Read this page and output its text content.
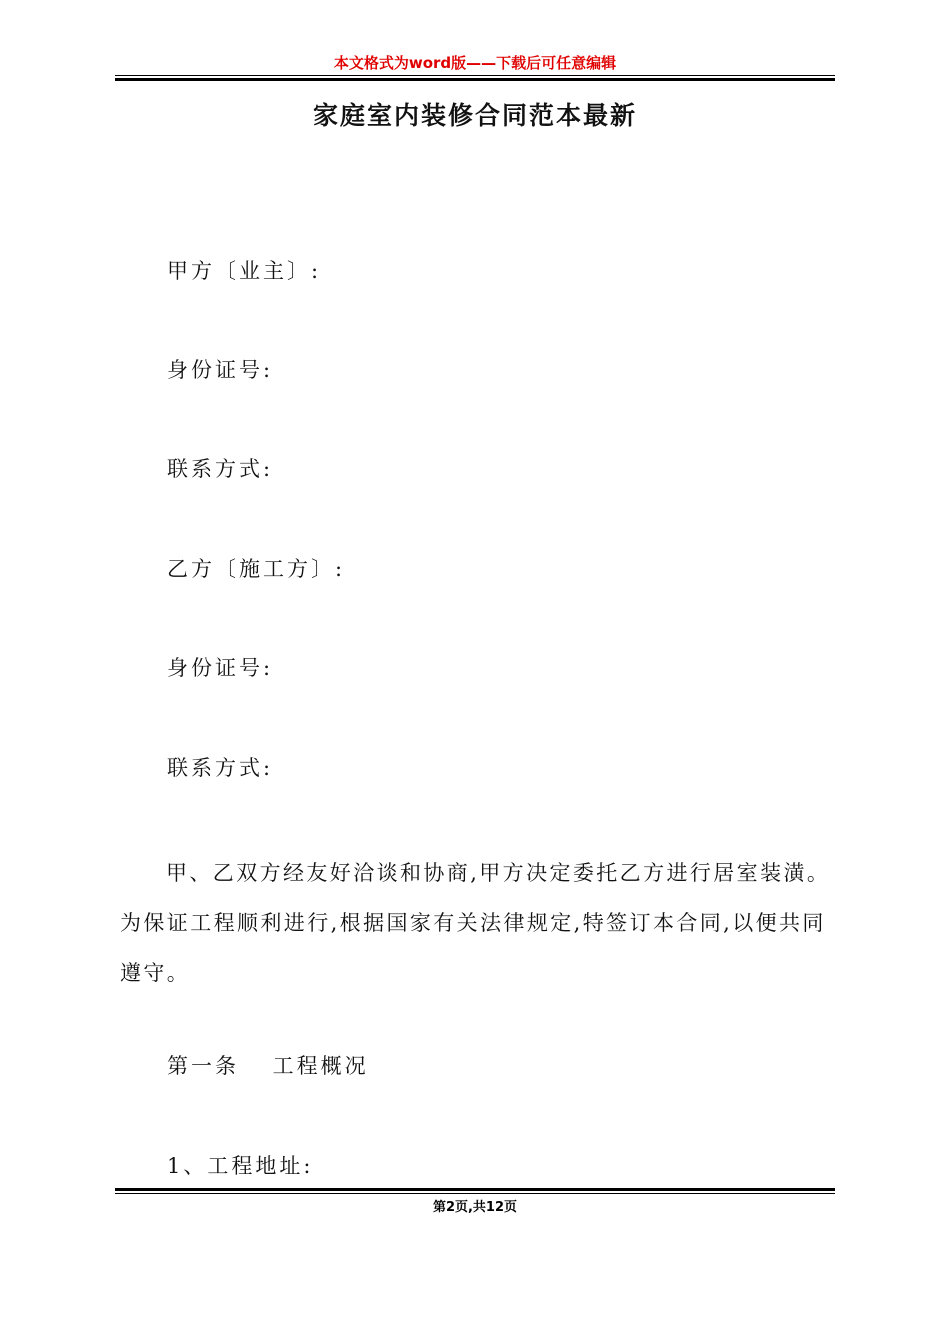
本文格式为word版——下载后可任意编辑
家庭室内装修合同范本最新
甲方〔业主〕:
身份证号:
联系方式:
乙方〔施工方〕:
身份证号:
联系方式:
甲、乙双方经友好洽谈和协商,甲方决定委托乙方进行居室装潢。为保证工程顺利进行,根据国家有关法律规定,特签订本合同,以便共同遵守。
第一条　 工程概况
1、工程地址:
第2页,共12页
